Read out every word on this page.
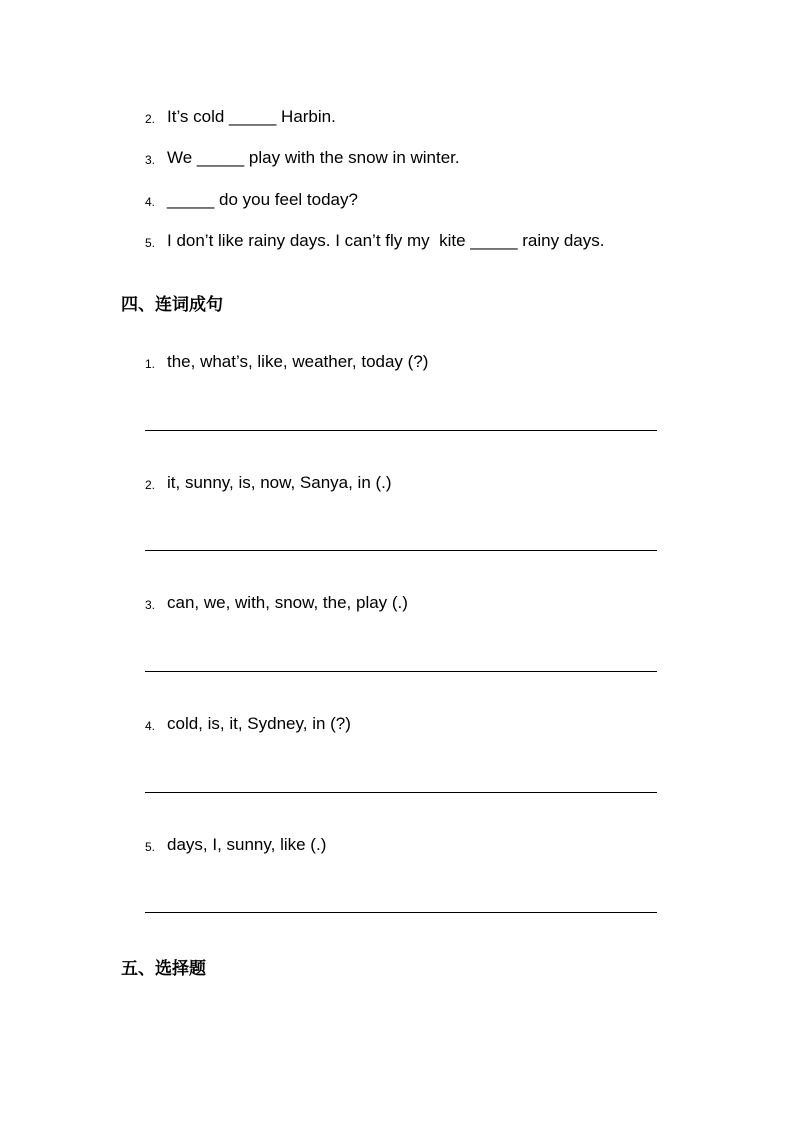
2. It’s cold _____ Harbin.
3. We _____ play with the snow in winter.
4. _____ do you feel today?
5. I don’t like rainy days. I can’t fly my  kite _____ rainy days.
四、连词成句
1. the, what’s, like, weather, today (?)
2. it, sunny, is, now, Sanya, in (.)
3. can, we, with, snow, the, play (.)
4. cold, is, it, Sydney, in (?)
5. days, I, sunny, like (.)
五、选择题
